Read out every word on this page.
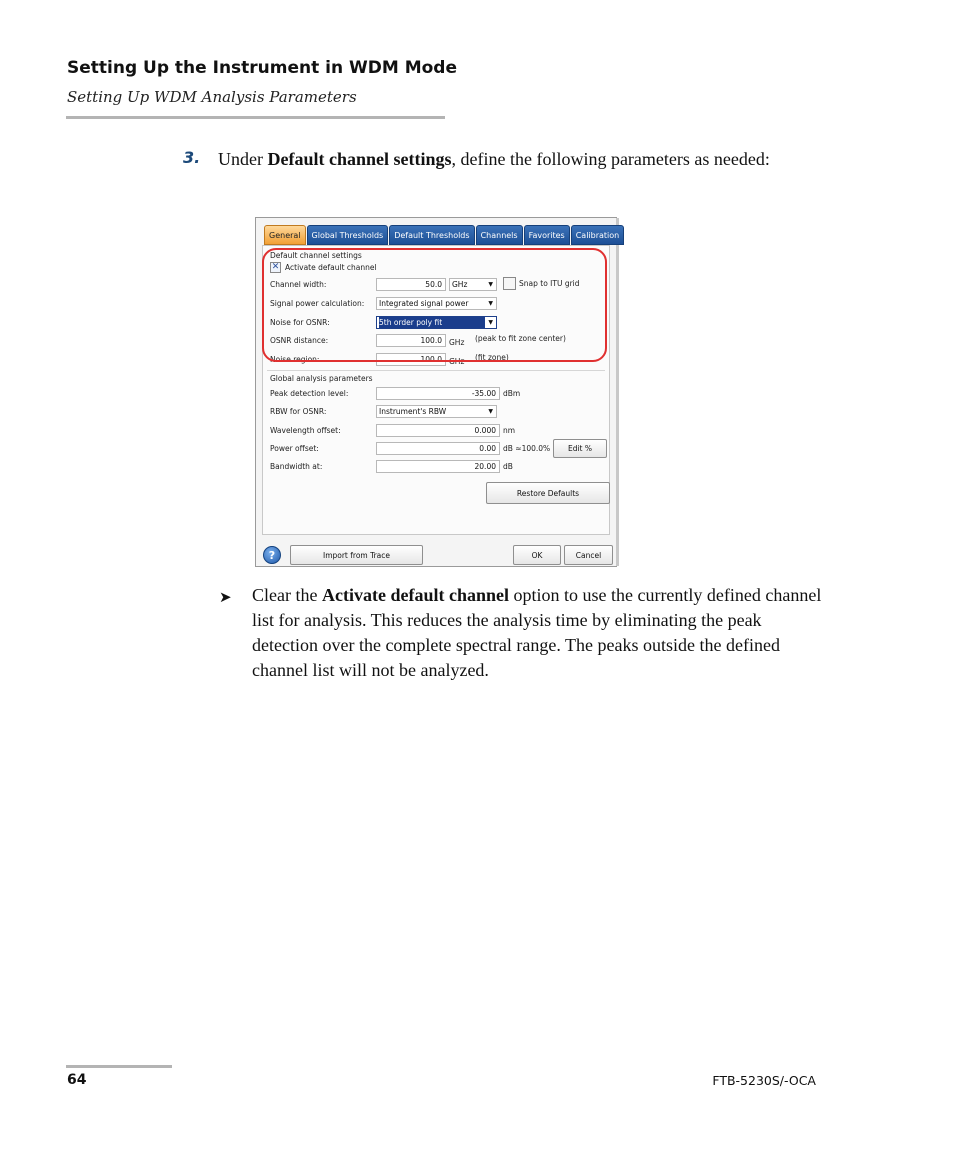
Setting Up the Instrument in WDM Mode
Setting Up WDM Analysis Parameters
3. Under Default channel settings, define the following parameters as needed:
General	Global Thresholds	Default Thresholds	Channels	Favorites	Calibration
Default channel settings
✕ Activate default channel
Channel width:	50.0	GHz	▼	Snap to ITU grid
Signal power calculation:	Integrated signal power	▼
Noise for OSNR:	5th order poly fit	▼
OSNR distance:	100.0 GHz (peak to fit zone center)
Noise region:	100.0 GHz (fit zone)
Global analysis parameters
Peak detection level:	-35.00 dBm
RBW for OSNR:	Instrument's RBW	▼
Wavelength offset:	0.000 nm
Power offset:	0.00 dB ≈100.0%	Edit %
Bandwidth at:	20.00 dB
Restore Defaults
?	Import from Trace	OK	Cancel
➤ Clear the Activate default channel option to use the currently defined channel list for analysis. This reduces the analysis time by eliminating the peak detection over the complete spectral range. The peaks outside the defined channel list will not be analyzed.
64	FTB-5230S/-OCA
